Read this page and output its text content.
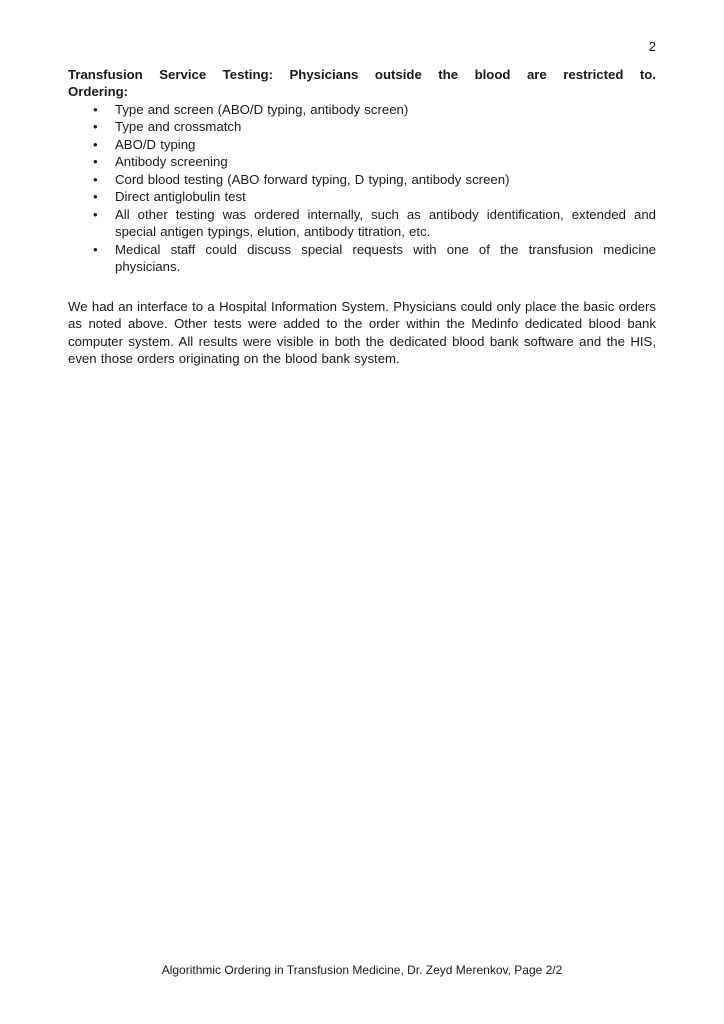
2
Transfusion Service Testing: Physicians outside the blood are restricted to.
Ordering:
• Type and screen (ABO/D typing, antibody screen)
• Type and crossmatch
• ABO/D typing
• Antibody screening
• Cord blood testing (ABO forward typing, D typing, antibody screen)
• Direct antiglobulin test
• All other testing was ordered internally, such as antibody identification, extended and special antigen typings, elution, antibody titration, etc.
• Medical staff could discuss special requests with one of the transfusion medicine physicians.

We had an interface to a Hospital Information System. Physicians could only place the basic orders as noted above. Other tests were added to the order within the Medinfo dedicated blood bank computer system. All results were visible in both the dedicated blood bank software and the HIS, even those orders originating on the blood bank system.

Algorithmic Ordering in Transfusion Medicine, Dr. Zeyd Merenkov, Page 2/2
